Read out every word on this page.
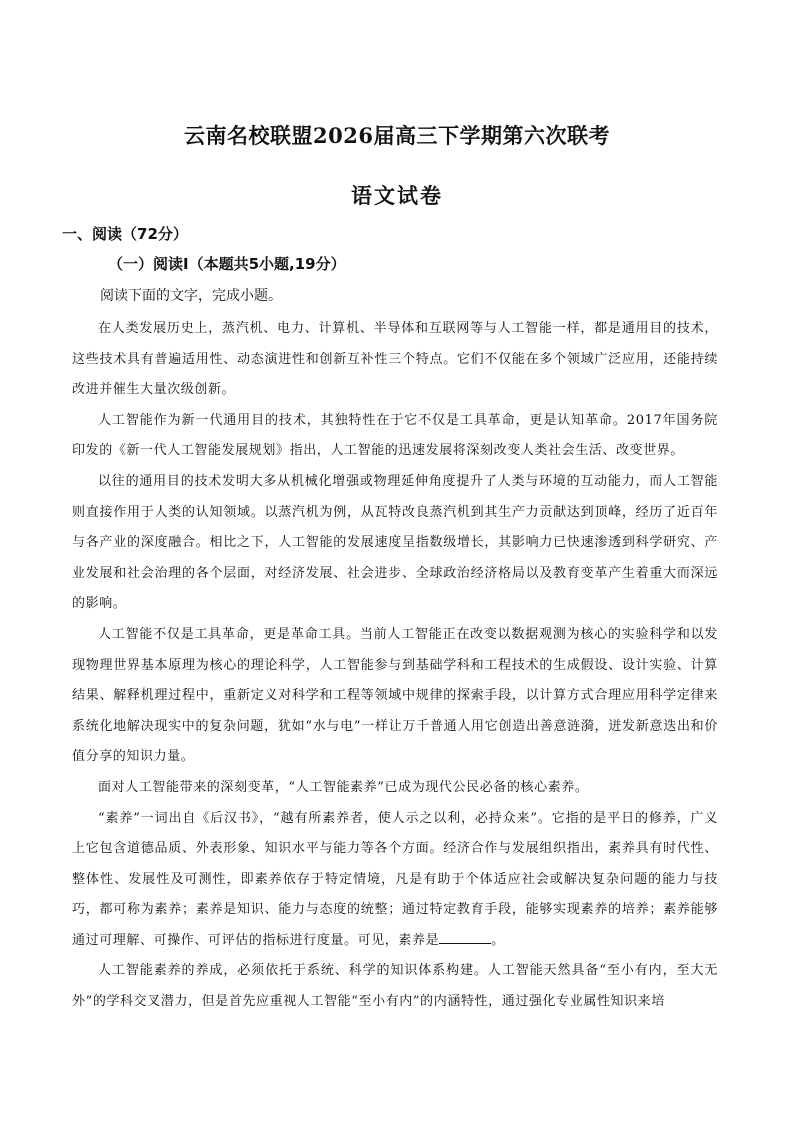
云南名校联盟2026届高三下学期第六次联考
语文试卷
一、阅读（72分）
（一）阅读Ⅰ（本题共5小题,19分）
阅读下面的文字，完成小题。

在人类发展历史上，蒸汽机、电力、计算机、半导体和互联网等与人工智能一样，都是通用目的技术，这些技术具有普遍适用性、动态演进性和创新互补性三个特点。它们不仅能在多个领域广泛应用，还能持续改进并催生大量次级创新。

人工智能作为新一代通用目的技术，其独特性在于它不仅是工具革命，更是认知革命。2017年国务院印发的《新一代人工智能发展规划》指出，人工智能的迅速发展将深刻改变人类社会生活、改变世界。

以往的通用目的技术发明大多从机械化增强或物理延伸角度提升了人类与环境的互动能力，而人工智能则直接作用于人类的认知领域。以蒸汽机为例，从瓦特改良蒸汽机到其生产力贡献达到顶峰，经历了近百年与各产业的深度融合。相比之下，人工智能的发展速度呈指数级增长，其影响力已快速渗透到科学研究、产业发展和社会治理的各个层面，对经济发展、社会进步、全球政治经济格局以及教育变革产生着重大而深远的影响。

人工智能不仅是工具革命，更是革命工具。当前人工智能正在改变以数据观测为核心的实验科学和以发现物理世界基本原理为核心的理论科学，人工智能参与到基础学科和工程技术的生成假设、设计实验、计算结果、解释机理过程中，重新定义对科学和工程等领域中规律的探索手段，以计算方式合理应用科学定律来系统化地解决现实中的复杂问题，犹如“水与电”一样让万千普通人用它创造出善意涟漪，迸发新意迭出和价值分享的知识力量。

面对人工智能带来的深刻变革，“人工智能素养”已成为现代公民必备的核心素养。

“素养”一词出自《后汉书》，“越有所素养者，使人示之以利，必持众来”。它指的是平日的修养，广义上它包含道德品质、外表形象、知识水平与能力等各个方面。经济合作与发展组织指出，素养具有时代性、整体性、发展性及可测性，即素养依存于特定情境，凡是有助于个体适应社会或解决复杂问题的能力与技巧，都可称为素养；素养是知识、能力与态度的统整；通过特定教育手段，能够实现素养的培养；素养能够通过可理解、可操作、可评估的指标进行度量。可见，素养是	。

人工智能素养的养成，必须依托于系统、科学的知识体系构建。人工智能天然具备“至小有内，至大无外”的学科交叉潜力，但是首先应重视人工智能“至小有内”的内涵特性，通过强化专业属性知识来培
